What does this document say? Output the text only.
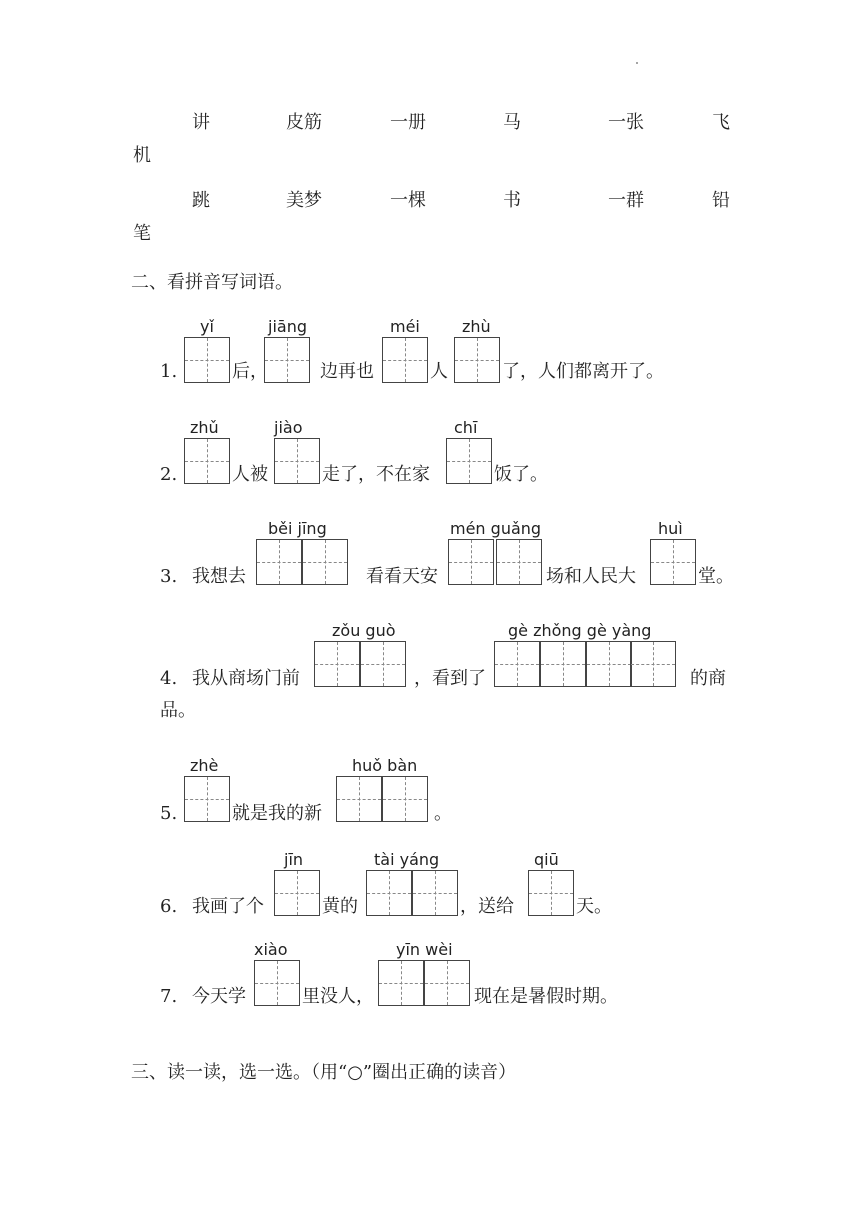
讲	皮筋	一册	马	一张	飞
机
跳	美梦	一棵	书	一群	铅
笔
二、看拼音写词语。
yǐ	jiāng	méi	zhù
1.	后，	边再也	人	了，人们都离开了。
zhǔ	jiào	chī
2.	人被	走了，不在家	饭了。
běi jīng	mén guǎng	huì
3. 我想去	看看天安	场和人民大	堂。
zǒu guò	gè zhǒng gè yàng
4. 我从商场门前	，看到了	的商
品。
zhè	huǒ bàn
5.	就是我的新	。
jīn	tài yáng	qiū
6. 我画了个	黄的	，送给	天。
xiào	yīn wèi
7. 今天学	里没人，	现在是暑假时期。
三、读一读，选一选。（用“○”圈出正确的读音）
